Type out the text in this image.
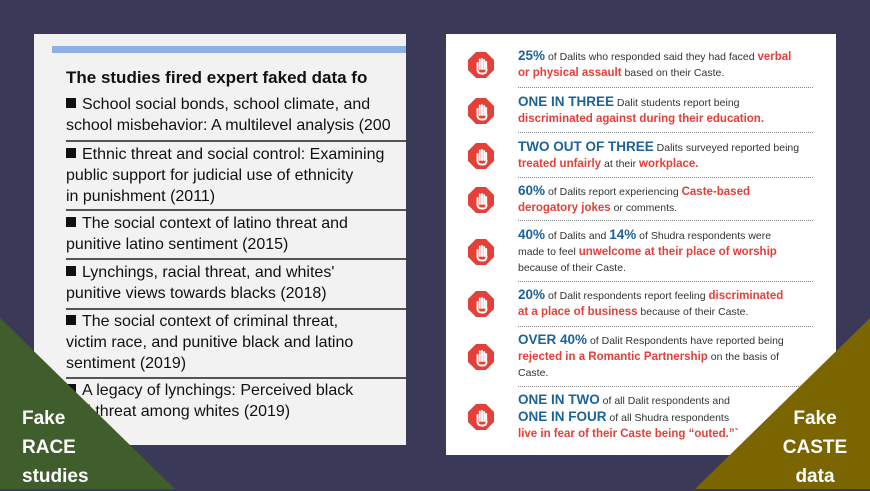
The studies fired expert faked data fo
School social bonds, school climate, and
school misbehavior: A multilevel analysis (200
Ethnic threat and social control: Examining
public support for judicial use of ethnicity
in punishment (2011)
The social context of latino threat and
punitive latino sentiment (2015)
Lynchings, racial threat, and whites'
punitive views towards blacks (2018)
The social context of criminal threat,
victim race, and punitive black and latino
sentiment (2019)
A legacy of lynchings: Perceived black
inal threat among whites (2019)
25% of Dalits who responded said they had faced verbal
or physical assault based on their Caste.
ONE IN THREE Dalit students report being
discriminated against during their education.
TWO OUT OF THREE Dalits surveyed reported being
treated unfairly at their workplace.
60% of Dalits report experiencing Caste-based
derogatory jokes or comments.
40% of Dalits and 14% of Shudra respondents were
made to feel unwelcome at their place of worship
because of their Caste.
20% of Dalit respondents report feeling discriminated
at a place of business because of their Caste.
OVER 40% of Dalit Respondents have reported being
rejected in a Romantic Partnership on the basis of
Caste.
ONE IN TWO of all Dalit respondents and
ONE IN FOUR of all Shudra respondents
live in fear of their Caste being “outed.”`
Fake
RACE
studies
Fake
CASTE
data
